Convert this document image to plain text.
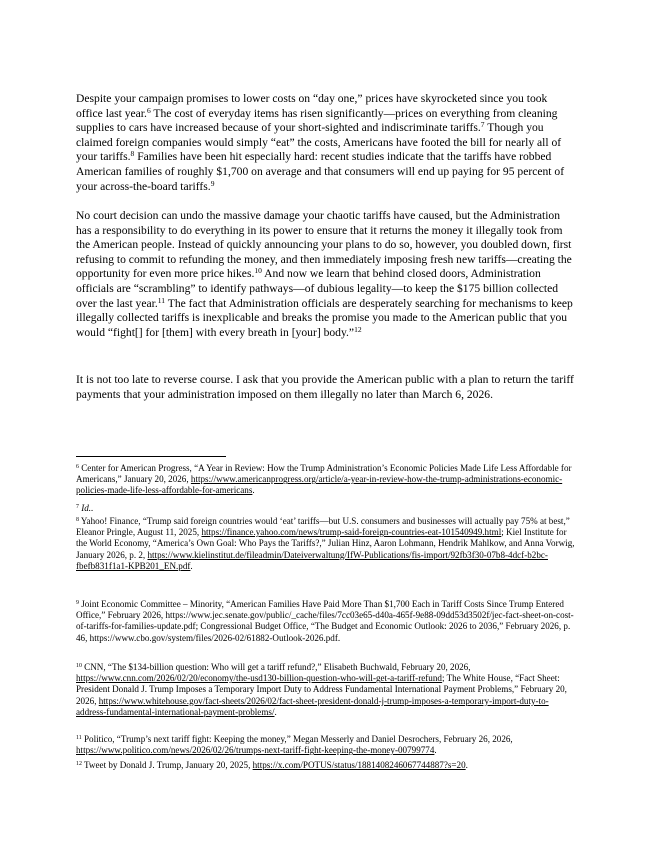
Despite your campaign promises to lower costs on “day one,” prices have skyrocketed since you took office last year.$^6$ The cost of everyday items has risen significantly—prices on everything from cleaning supplies to cars have increased because of your short-sighted and indiscriminate tariffs.$^7$ Though you claimed foreign companies would simply “eat” the costs, Americans have footed the bill for nearly all of your tariffs.$^8$ Families have been hit especially hard: recent studies indicate that the tariffs have robbed American families of roughly $1,700 on average and that consumers will end up paying for 95 percent of your across-the-board tariffs.$^9$

No court decision can undo the massive damage your chaotic tariffs have caused, but the Administration has a responsibility to do everything in its power to ensure that it returns the money it illegally took from the American people. Instead of quickly announcing your plans to do so, however, you doubled down, first refusing to commit to refunding the money, and then immediately imposing fresh new tariffs—creating the opportunity for even more price hikes.$^{10}$ And now we learn that behind closed doors, Administration officials are “scrambling” to identify pathways—of dubious legality—to keep the $175 billion collected over the last year.$^{11}$ The fact that Administration officials are desperately searching for mechanisms to keep illegally collected tariffs is inexplicable and breaks the promise you made to the American public that you would “fight[] for [them] with every breath in [your] body.”$^{12}$

It is not too late to reverse course. I ask that you provide the American public with a plan to return the tariff payments that your administration imposed on them illegally no later than March 6, 2026.

$^6$ Center for American Progress, “A Year in Review: How the Trump Administration’s Economic Policies Made Life Less Affordable for Americans,” January 20, 2026, https://www.americanprogress.org/article/a-year-in-review-how-the-trump-administrations-economic-policies-made-life-less-affordable-for-americans.

$^7$ Id..

$^8$ Yahoo! Finance, “Trump said foreign countries would ‘eat’ tariffs—but U.S. consumers and businesses will actually pay 75% at best,” Eleanor Pringle, August 11, 2025, https://finance.yahoo.com/news/trump-said-foreign-countries-eat-101540949.html; Kiel Institute for the World Economy, “America’s Own Goal: Who Pays the Tariffs?,” Julian Hinz, Aaron Lohmann, Hendrik Mahlkow, and Anna Vorwig, January 2026, p. 2, https://www.kielinstitut.de/fileadmin/Dateiverwaltung/IfW-Publications/fis-import/92fb3f30-07b8-4dcf-b2bc-fbefb831f1a1-KPB201_EN.pdf.

$^9$ Joint Economic Committee – Minority, “American Families Have Paid More Than $1,700 Each in Tariff Costs Since Trump Entered Office,” February 2026, https://www.jec.senate.gov/public/_cache/files/7cc03e65-d40a-465f-9e88-09dd53d3502f/jec-fact-sheet-on-cost-of-tariffs-for-families-update.pdf; Congressional Budget Office, “The Budget and Economic Outlook: 2026 to 2036,” February 2026, p. 46, https://www.cbo.gov/system/files/2026-02/61882-Outlook-2026.pdf.

$^{10}$ CNN, “The $134-billion question: Who will get a tariff refund?,” Elisabeth Buchwald, February 20, 2026, https://www.cnn.com/2026/02/20/economy/the-usd130-billion-question-who-will-get-a-tariff-refund; The White House, “Fact Sheet: President Donald J. Trump Imposes a Temporary Import Duty to Address Fundamental International Payment Problems,” February 20, 2026, https://www.whitehouse.gov/fact-sheets/2026/02/fact-sheet-president-donald-j-trump-imposes-a-temporary-import-duty-to-address-fundamental-international-payment-problems/.

$^{11}$ Politico, “Trump’s next tariff fight: Keeping the money,” Megan Messerly and Daniel Desrochers, February 26, 2026, https://www.politico.com/news/2026/02/26/trumps-next-tariff-fight-keeping-the-money-00799774.

$^{12}$ Tweet by Donald J. Trump, January 20, 2025, https://x.com/POTUS/status/1881408246067744887?s=20.
